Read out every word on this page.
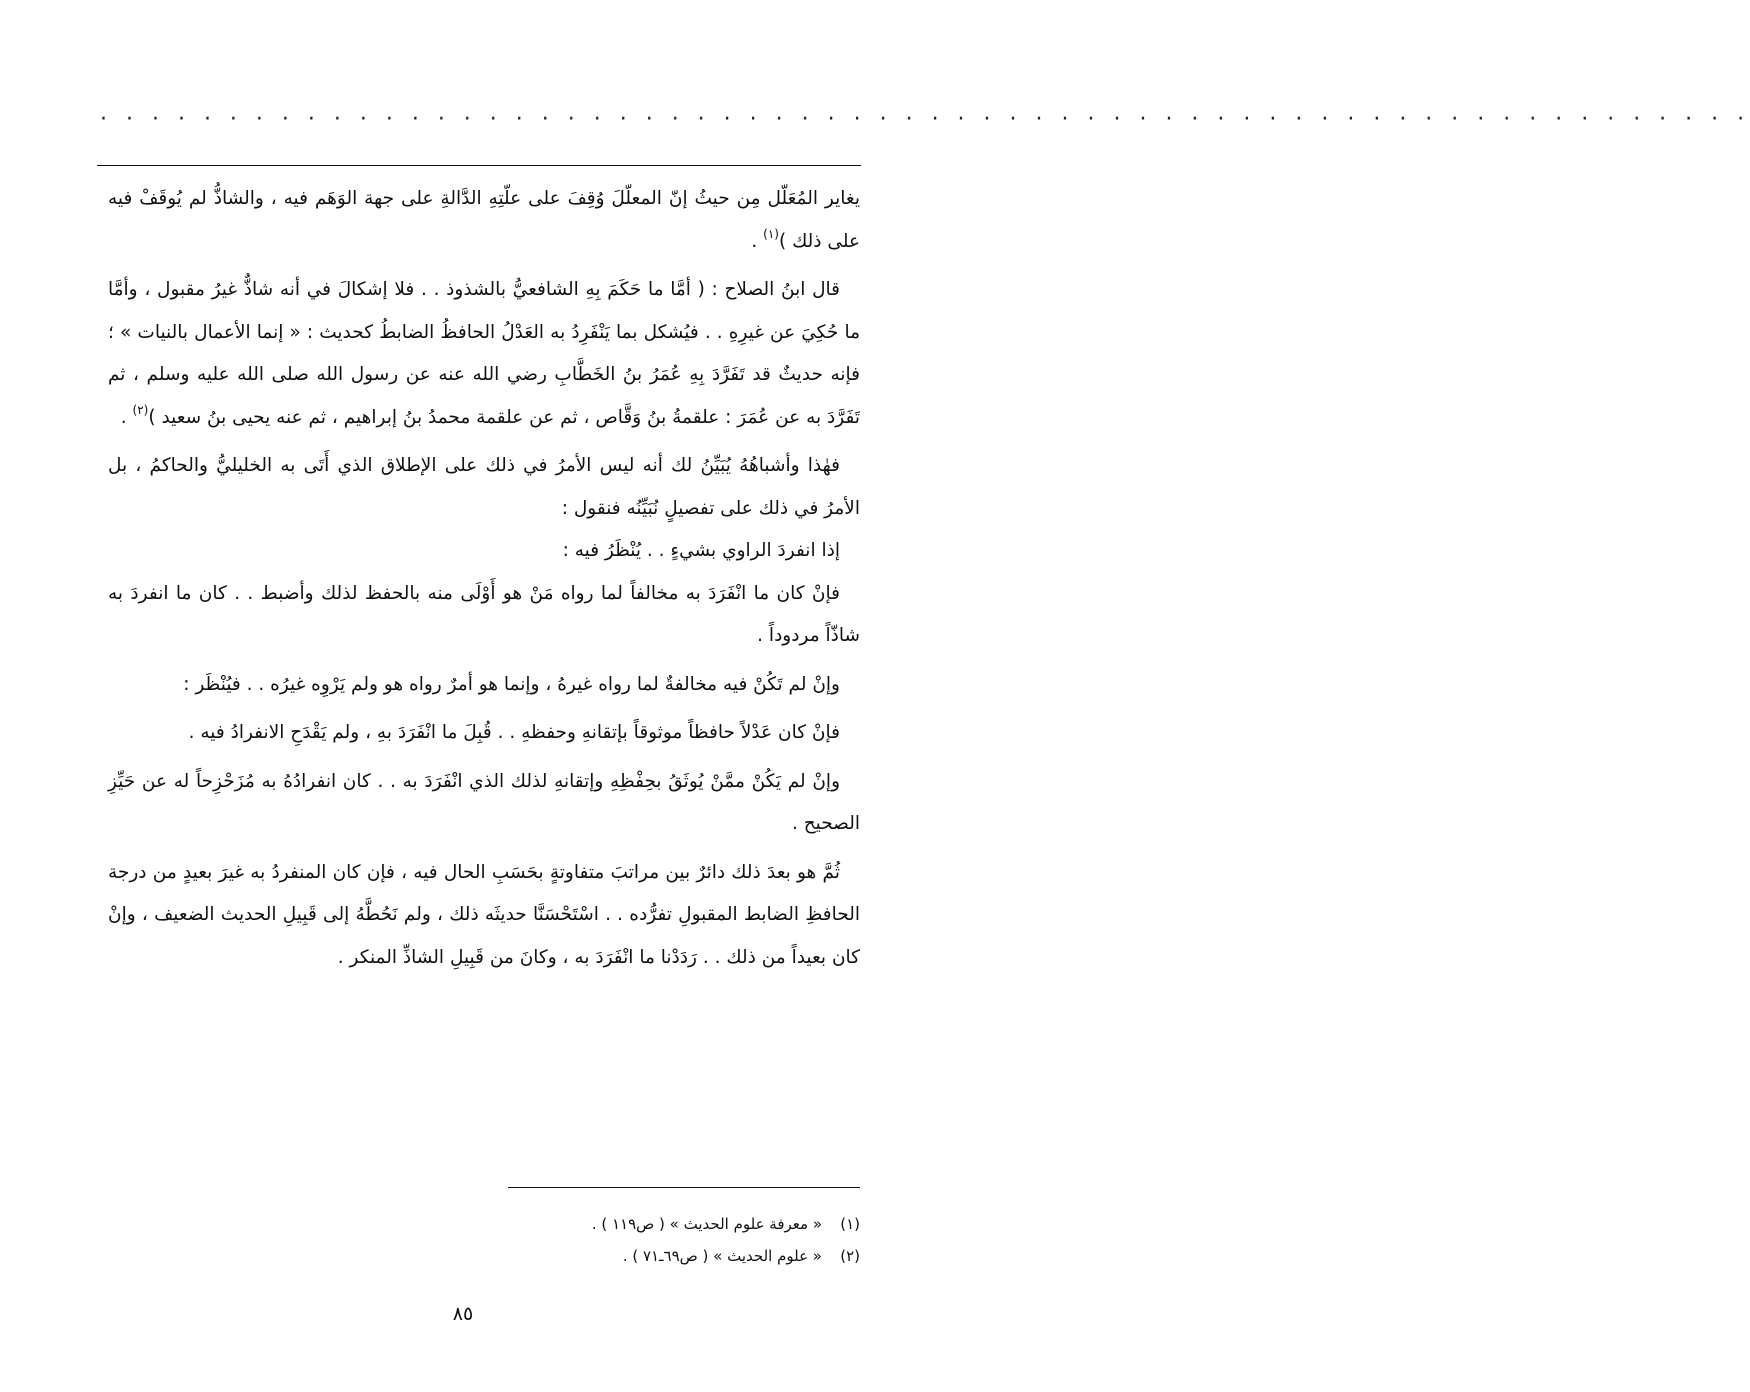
· · · · · · · · · · · · · · · · · · · · · · · · · · · · · · · · · · · · · · · · · · · · · · · · · · · · · · · · · · · · · · · ·

يغاير المُعَلّل مِن حيثُ إنّ المعلّلَ وُقِفَ على علّتِهِ الدَّالةِ على جهة الوَهَم فيه ، والشاذُّ لم يُوقَفْ فيه على ذلك )$^{(١)}$ .

قال ابنُ الصلاح : ( أمَّا ما حَكَمَ بِهِ الشافعيُّ بالشذوذ . . فلا إشكالَ في أنه شاذٌّ غيرُ مقبول ، وأمَّا ما حُكِيَ عن غيرِهِ . . فيُشكل بما يَنْفَرِدُ به العَدْلُ الحافظُ الضابطُ كحديث : « إنما الأعمال بالنيات » ؛ فإنه حديثٌ قد تَفَرَّدَ بِهِ عُمَرُ بنُ الخَطَّابِ رضي الله عنه عن رسول الله صلى الله عليه وسلم ، ثم تَفَرَّدَ به عن عُمَرَ : علقمةُ بنُ وَقَّاص ، ثم عن علقمة محمدُ بنُ إبراهيم ، ثم عنه يحيى بنُ سعيد )$^{(٢)}$ .

فهٰذا وأشباهُهُ يُبَيِّنُ لك أنه ليس الأمرُ في ذلك على الإطلاق الذي أَتَى به الخليليُّ والحاكمُ ، بل الأمرُ في ذلك على تفصيلٍ نُبَيِّنُه فنقول :

إذا انفردَ الراوي بشيءٍ . . يُنْظَرُ فيه :

فإنْ كان ما انْفَرَدَ به مخالفاً لما رواه مَنْ هو أَوْلَى منه بالحفظ لذلك وأضبط . . كان ما انفردَ به شاذّاً مردوداً .

وإنْ لم تَكُنْ فيه مخالفةٌ لما رواه غيرهُ ، وإنما هو أمرٌ رواه هو ولم يَرْوِه غيرُه . . فيُنْظَر :

فإنْ كان عَدْلاً حافظاً موثوقاً بإتقانهِ وحفظهِ . . قُبِلَ ما انْفَرَدَ بهِ ، ولم يَقْدَحِ الانفرادُ فيه .

وإنْ لم يَكُنْ ممَّنْ يُوثَقُ بحِفْظِهِ وإتقانهِ لذلك الذي انْفَرَدَ به . . كان انفرادُهُ به مُزَحْزِحاً له عن حَيِّزِ الصحيح .

ثُمَّ هو بعدَ ذلك دائرٌ بين مراتبَ متفاوتةٍ بحَسَبِ الحال فيه ، فإن كان المنفردُ به غيرَ بعيدٍ من درجة الحافظِ الضابط المقبولِ تفرُّده . . اسْتَحْسَنَّا حديثَه ذلك ، ولم نَحُطَّهُ إلى قَبِيلِ الحديث الضعيف ، وإنْ كان بعيداً من ذلك . . رَدَدْنا ما انْفَرَدَ به ، وكانَ من قَبِيلِ الشاذِّ المنكر .

(١)« معرفة علوم الحديث » ( ص١١٩ ) .
(٢)« علوم الحديث » ( ص٦٩ـ٧١ ) .
٨٥
